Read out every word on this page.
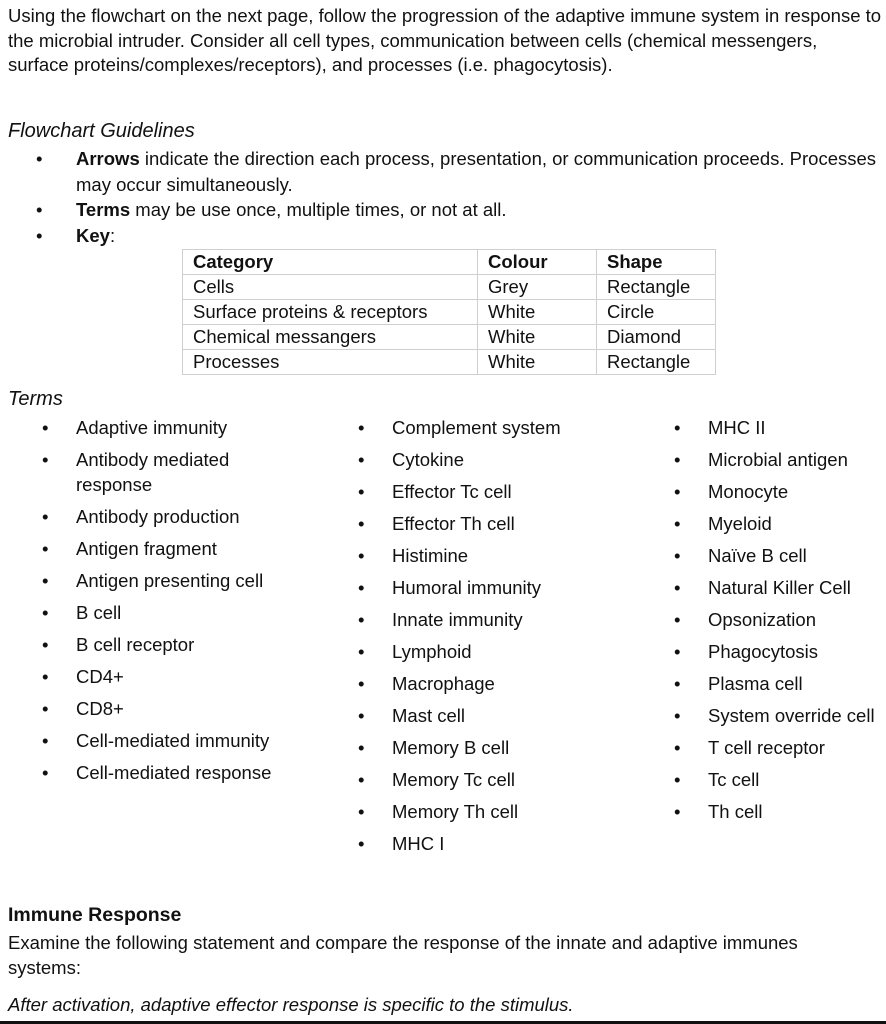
Using the flowchart on the next page, follow the progression of the adaptive immune system in response to the microbial intruder. Consider all cell types, communication between cells (chemical messengers, surface proteins/complexes/receptors), and processes (i.e. phagocytosis).
Flowchart Guidelines
• Arrows indicate the direction each process, presentation, or communication proceeds. Processes may occur simultaneously.
• Terms may be use once, multiple times, or not at all.
• Key:
Category	Colour	Shape
Cells	Grey	Rectangle
Surface proteins & receptors	White	Circle
Chemical messangers	White	Diamond
Processes	White	Rectangle
Terms
• Adaptive immunity
• Antibody mediated response
• Antibody production
• Antigen fragment
• Antigen presenting cell
• B cell
• B cell receptor
• CD4+
• CD8+
• Cell-mediated immunity
• Cell-mediated response
• Complement system
• Cytokine
• Effector Tc cell
• Effector Th cell
• Histimine
• Humoral immunity
• Innate immunity
• Lymphoid
• Macrophage
• Mast cell
• Memory B cell
• Memory Tc cell
• Memory Th cell
• MHC I
• MHC II
• Microbial antigen
• Monocyte
• Myeloid
• Naïve B cell
• Natural Killer Cell
• Opsonization
• Phagocytosis
• Plasma cell
• System override cell
• T cell receptor
• Tc cell
• Th cell
Immune Response
Examine the following statement and compare the response of the innate and adaptive immunes systems:
After activation, adaptive effector response is specific to the stimulus.
